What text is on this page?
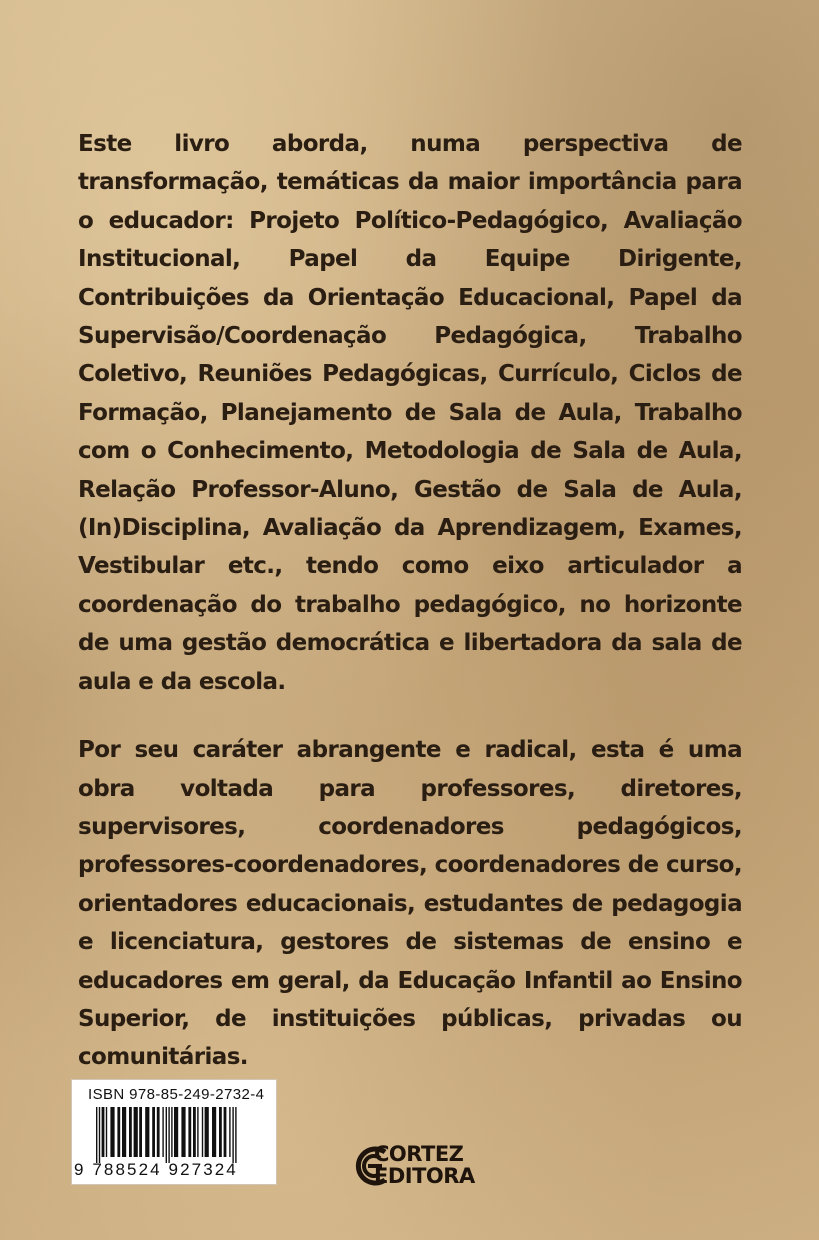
Este livro aborda, numa perspectiva de transformação, temáticas da maior importância para o educador: Projeto Político-Pedagógico, Avaliação Institucional, Papel da Equipe Dirigente, Contribuições da Orientação Educacional, Papel da Supervisão/Coordenação Pedagógica, Trabalho Coletivo, Reuniões Pedagógicas, Currículo, Ciclos de Formação, Planejamento de Sala de Aula, Trabalho com o Conhecimento, Metodologia de Sala de Aula, Relação Professor-Aluno, Gestão de Sala de Aula, (In)Disciplina, Avaliação da Aprendizagem, Exames, Vestibular etc., tendo como eixo articulador a coordenação do trabalho pedagógico, no horizonte de uma gestão democrática e libertadora da sala de aula e da escola.

Por seu caráter abrangente e radical, esta é uma obra voltada para professores, diretores, supervisores, coordenadores pedagógicos, professores-coordenadores, coordenadores de curso, orientadores educacionais, estudantes de pedagogia e licenciatura, gestores de sistemas de ensino e educadores em geral, da Educação Infantil ao Ensino Superior, de instituições públicas, privadas ou comunitárias.

ISBN 978-85-249-2732-4
9 788524 927324
CORTEZ
EDITORA
